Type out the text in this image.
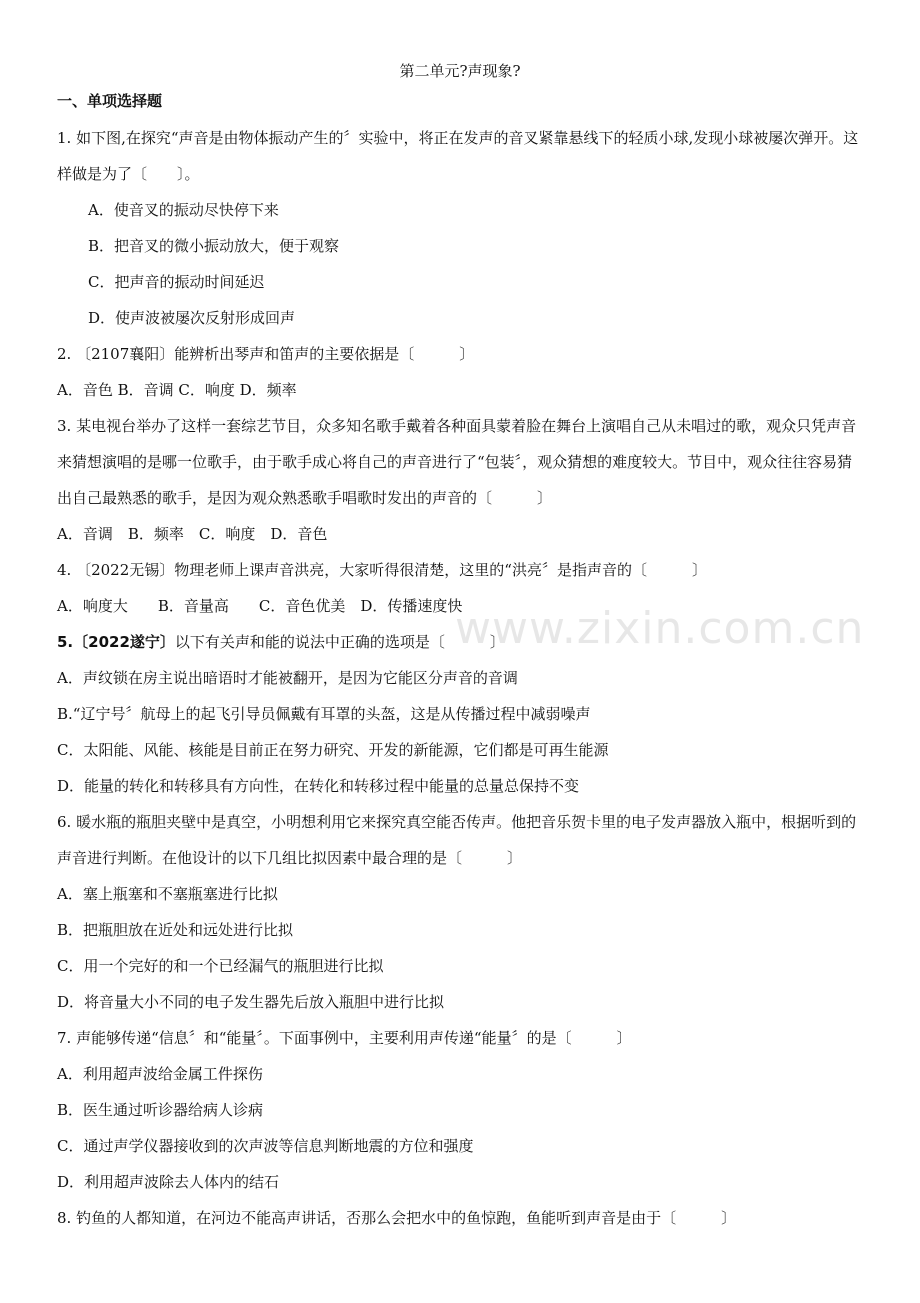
第二单元?声现象?
一、单项选择题

1. 如下图,在探究“声音是由物体振动产生的〞实验中，将正在发声的音叉紧靠悬线下的轻质小球,发现小球被屡次弹开。这样做是为了〔　　〕。

A．使音叉的振动尽快停下来

B．把音叉的微小振动放大，便于观察

C．把声音的振动时间延迟

D．使声波被屡次反射形成回声

2. 〔2107襄阳〕能辨析出琴声和笛声的主要依据是〔　　　〕

A．音色 B．音调 C．响度 D．频率

3. 某电视台举办了这样一套综艺节目，众多知名歌手戴着各种面具蒙着脸在舞台上演唱自己从未唱过的歌，观众只凭声音来猜想演唱的是哪一位歌手，由于歌手成心将自己的声音进行了“包装〞，观众猜想的难度较大。节目中，观众往往容易猜出自己最熟悉的歌手，是因为观众熟悉歌手唱歌时发出的声音的〔　　　〕

A．音调　B．频率　C．响度　D．音色

4. 〔2022无锡〕物理老师上课声音洪亮，大家听得很清楚，这里的“洪亮〞是指声音的〔　　　〕

A．响度大　　B．音量高　　C．音色优美　D．传播速度快

5.〔2022遂宁〕以下有关声和能的说法中正确的选项是〔　　　〕

A．声纹锁在房主说出暗语时才能被翻开，是因为它能区分声音的音调

B.“辽宁号〞航母上的起飞引导员佩戴有耳罩的头盔，这是从传播过程中减弱噪声

C．太阳能、风能、核能是目前正在努力研究、开发的新能源，它们都是可再生能源

D．能量的转化和转移具有方向性，在转化和转移过程中能量的总量总保持不变

6. 暖水瓶的瓶胆夹壁中是真空，小明想利用它来探究真空能否传声。他把音乐贺卡里的电子发声器放入瓶中，根据听到的声音进行判断。在他设计的以下几组比拟因素中最合理的是〔　　　〕

A．塞上瓶塞和不塞瓶塞进行比拟

B．把瓶胆放在近处和远处进行比拟

C．用一个完好的和一个已经漏气的瓶胆进行比拟

D．将音量大小不同的电子发生器先后放入瓶胆中进行比拟

7. 声能够传递“信息〞和“能量〞。下面事例中，主要利用声传递“能量〞的是〔　　　〕

A．利用超声波给金属工件探伤

B．医生通过听诊器给病人诊病

C．通过声学仪器接收到的次声波等信息判断地震的方位和强度

D．利用超声波除去人体内的结石

8. 钓鱼的人都知道，在河边不能高声讲话，否那么会把水中的鱼惊跑，鱼能听到声音是由于〔　　　〕

www.zixin.com.cn
